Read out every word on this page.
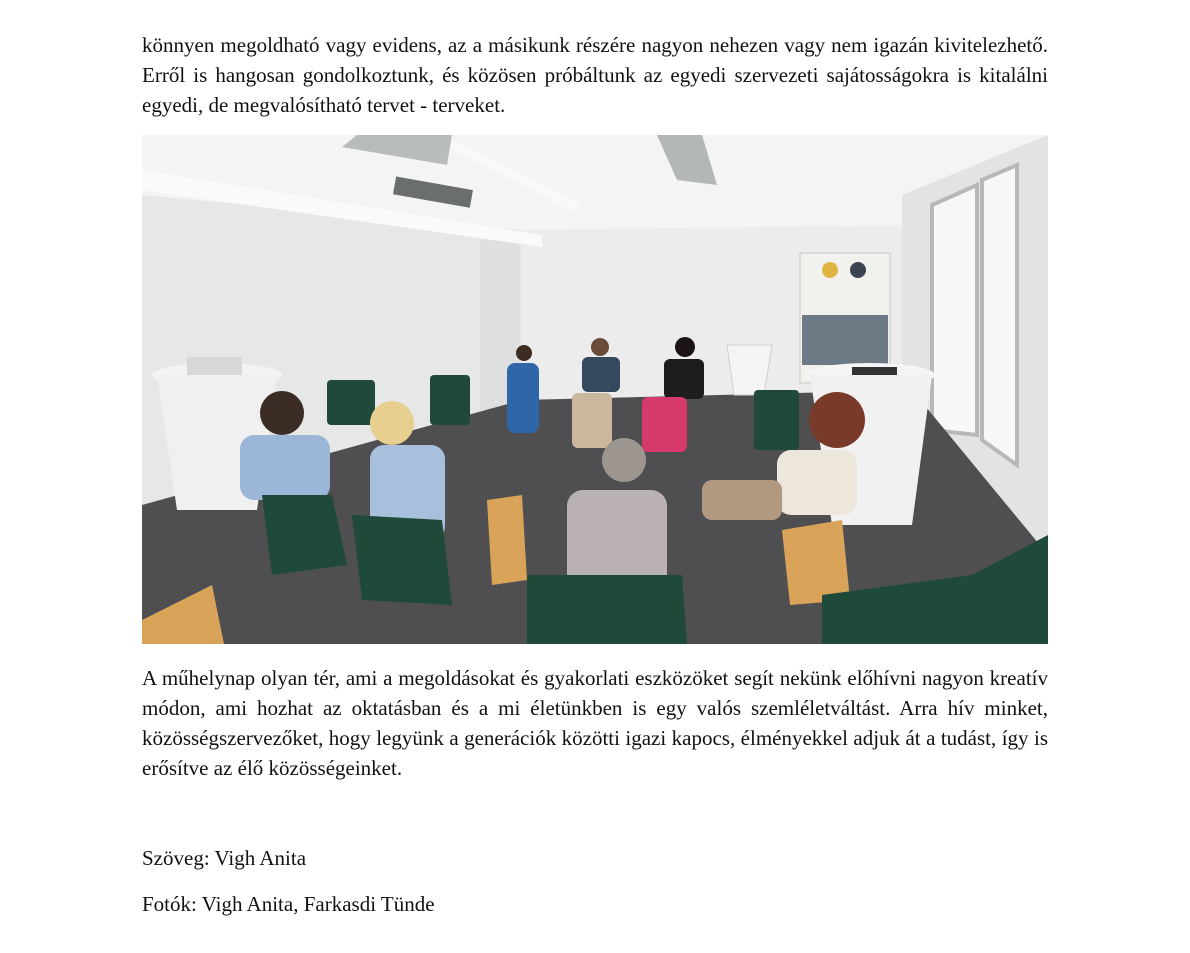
könnyen megoldható vagy evidens, az a másikunk részére nagyon nehezen vagy nem igazán kivitelezhető. Erről is hangosan gondolkoztunk, és közösen próbáltunk az egyedi szervezeti sajátosságokra is kitalálni egyedi, de megvalósítható tervet - terveket.

A műhelynap olyan tér, ami a megoldásokat és gyakorlati eszközöket segít nekünk előhívni nagyon kreatív módon, ami hozhat az oktatásban és a mi életünkben is egy valós szemléletváltást. Arra hív minket, közösségszervezőket, hogy legyünk a generációk közötti igazi kapocs, élményekkel adjuk át a tudást, így is erősítve az élő közösségeinket.

Szöveg: Vigh Anita

Fotók: Vigh Anita, Farkasdi Tünde
